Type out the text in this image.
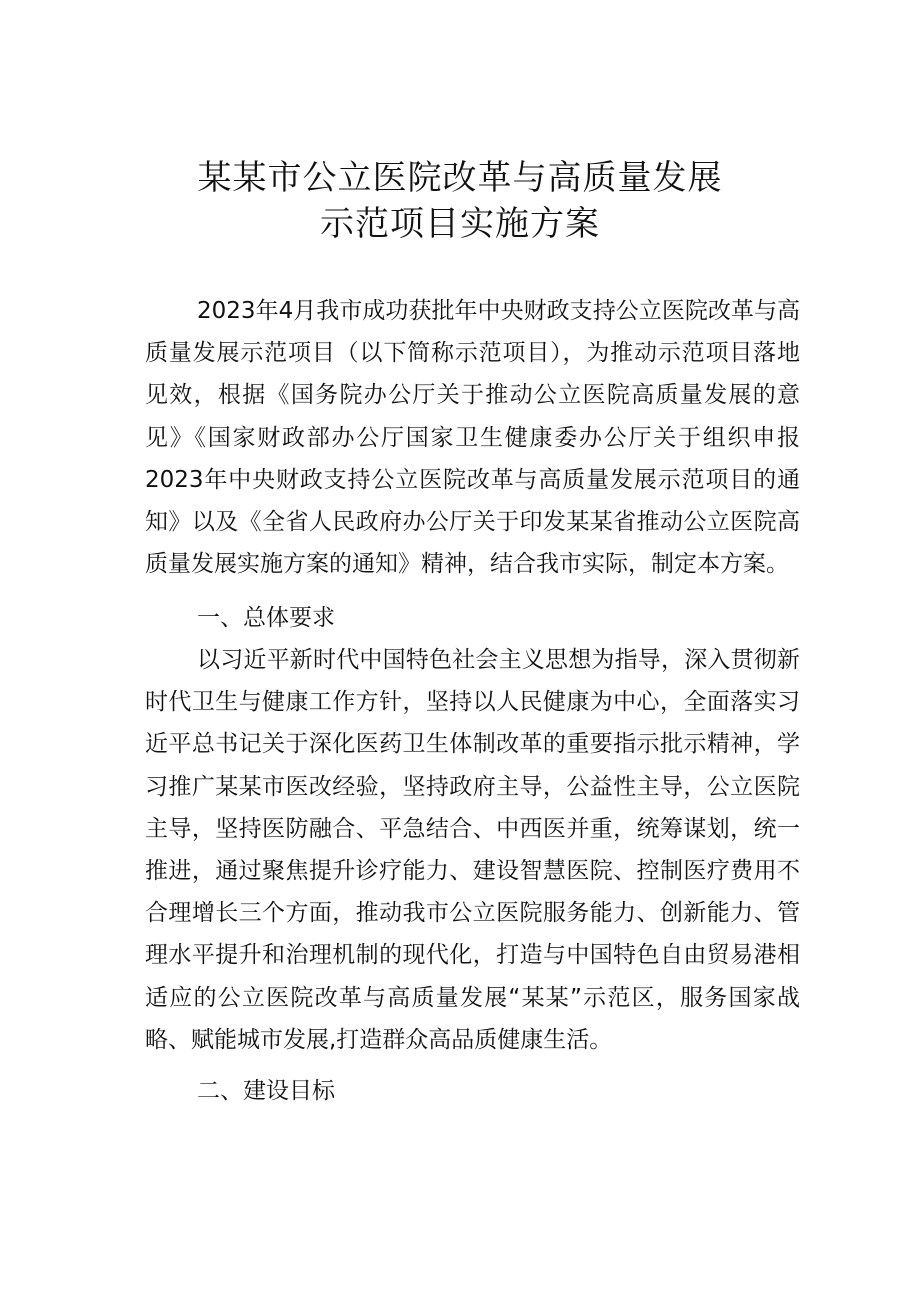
某某市公立医院改革与高质量发展
示范项目实施方案

2023年4月我市成功获批年中央财政支持公立医院改革与高质量发展示范项目（以下简称示范项目），为推动示范项目落地见效，根据《国务院办公厅关于推动公立医院高质量发展的意见》《国家财政部办公厅国家卫生健康委办公厅关于组织申报2023年中央财政支持公立医院改革与高质量发展示范项目的通知》以及《全省人民政府办公厅关于印发某某省推动公立医院高质量发展实施方案的通知》精神，结合我市实际，制定本方案。

一、总体要求

以习近平新时代中国特色社会主义思想为指导，深入贯彻新时代卫生与健康工作方针，坚持以人民健康为中心，全面落实习近平总书记关于深化医药卫生体制改革的重要指示批示精神，学习推广某某市医改经验，坚持政府主导，公益性主导，公立医院主导，坚持医防融合、平急结合、中西医并重，统筹谋划，统一推进，通过聚焦提升诊疗能力、建设智慧医院、控制医疗费用不合理增长三个方面，推动我市公立医院服务能力、创新能力、管理水平提升和治理机制的现代化，打造与中国特色自由贸易港相适应的公立医院改革与高质量发展“某某”示范区，服务国家战略、赋能城市发展,打造群众高品质健康生活。

二、建设目标
